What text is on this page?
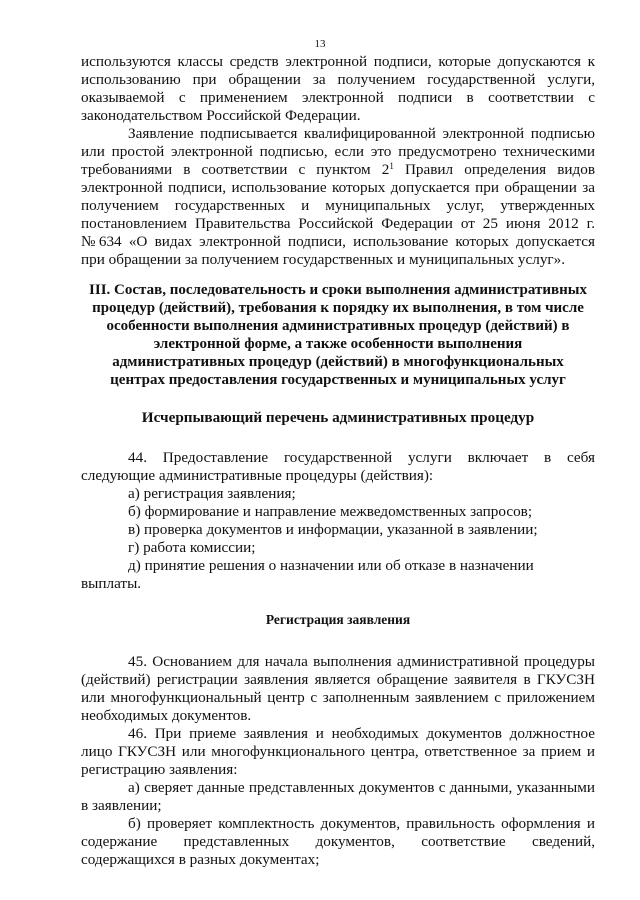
13

используются классы средств электронной подписи, которые допускаются к использованию при обращении за получением государственной услуги, оказываемой с применением электронной подписи в соответствии с законодательством Российской Федерации.

Заявление подписывается квалифицированной электронной подписью или простой электронной подписью, если это предусмотрено техническими требованиями в соответствии с пунктом $2^1$ Правил определения видов электронной подписи, использование которых допускается при обращении за получением государственных и муниципальных услуг, утвержденных постановлением Правительства Российской Федерации от 25 июня 2012 г. №634 «О видах электронной подписи, использование которых допускается при обращении за получением государственных и муниципальных услуг».

III. Состав, последовательность и сроки выполнения административных процедур (действий), требования к порядку их выполнения, в том числе особенности выполнения административных процедур (действий) в электронной форме, а также особенности выполнения административных процедур (действий) в многофункциональных центрах предоставления государственных и муниципальных услуг
Исчерпывающий перечень административных процедур

44. Предоставление государственной услуги включает в себя следующие административные процедуры (действия):

а) регистрация заявления;

б) формирование и направление межведомственных запросов;

в) проверка документов и информации, указанной в заявлении;

г) работа комиссии;

д) принятие решения о назначении или об отказе в назначении выплаты.

Регистрация заявления

45. Основанием для начала выполнения административной процедуры (действий) регистрации заявления является обращение заявителя в ГКУСЗН или многофункциональный центр с заполненным заявлением с приложением необходимых документов.

46. При приеме заявления и необходимых документов должностное лицо ГКУСЗН или многофункционального центра, ответственное за прием и регистрацию заявления:

а) сверяет данные представленных документов с данными, указанными в заявлении;

б) проверяет комплектность документов, правильность оформления и содержание представленных документов, соответствие сведений, содержащихся в разных документах;
